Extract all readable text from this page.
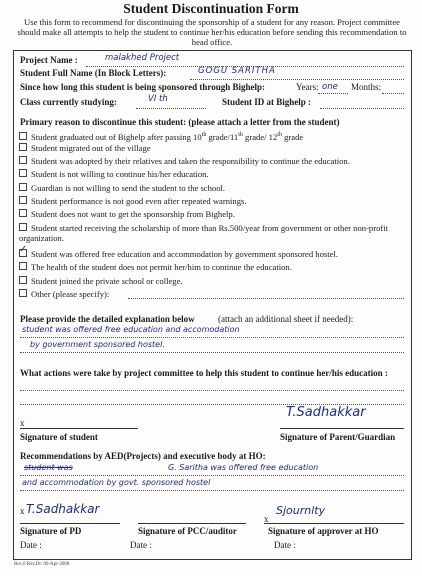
Student Discontinuation Form
Use this form to recommend for discontinuing the sponsorship of a student for any reason. Project committee should make all attempts to help the student to continue her/his education before sending this recommendation to head office.
Project Name :	malakhed Project
Student Full Name (In Block Letters):	GOGU SARITHA
Since how long this student is being sponsored through Bighelp:	Years: one Months:
Class currently studying:	VI th	Student ID at Bighelp :
Primary reason to discontinue this student: (please attach a letter from the student)
Student graduated out of Bighelp after passing 10th grade/11th grade/ 12th grade
Student migrated out of the village
Student was adopted by their relatives and taken the responsibility to continue the education.
Student is not willing to continue his/her education.
Guardian is not willing to send the student to the school.
Student performance is not good even after repeated warnings.
Student does not want to get the sponsorship from Bighelp.
Student started receiving the scholarship of more than Rs.500/year from government or other non-profit organization.
✓Student was offered free education and accommodation by government sponsored hostel.
The health of the student does not permit her/him to continue the education.
Student joined the private school or college.
Other (please specify):
Please provide the detailed explanation below	(attach an additional sheet if needed):
student was offered free education and accomodation
by government sponsored hostel.
What actions were take by project committee to help this student to continue her/his education :
x
Signature of student
T.Sadhakkar
Signature of Parent/Guardian
Recommendations by AED(Projects) and executive body at HO:
student was	G. Saritha was offered free education
and accommodation by govt. sponsored hostel
x T.Sadhakkar
Signature of PD
Date :
Signature of PCC/auditor
Date :
x
Sjournlty
Signature of approver at HO
Date :
Rev.0 Rev.Dt: 06-Apr-2008
